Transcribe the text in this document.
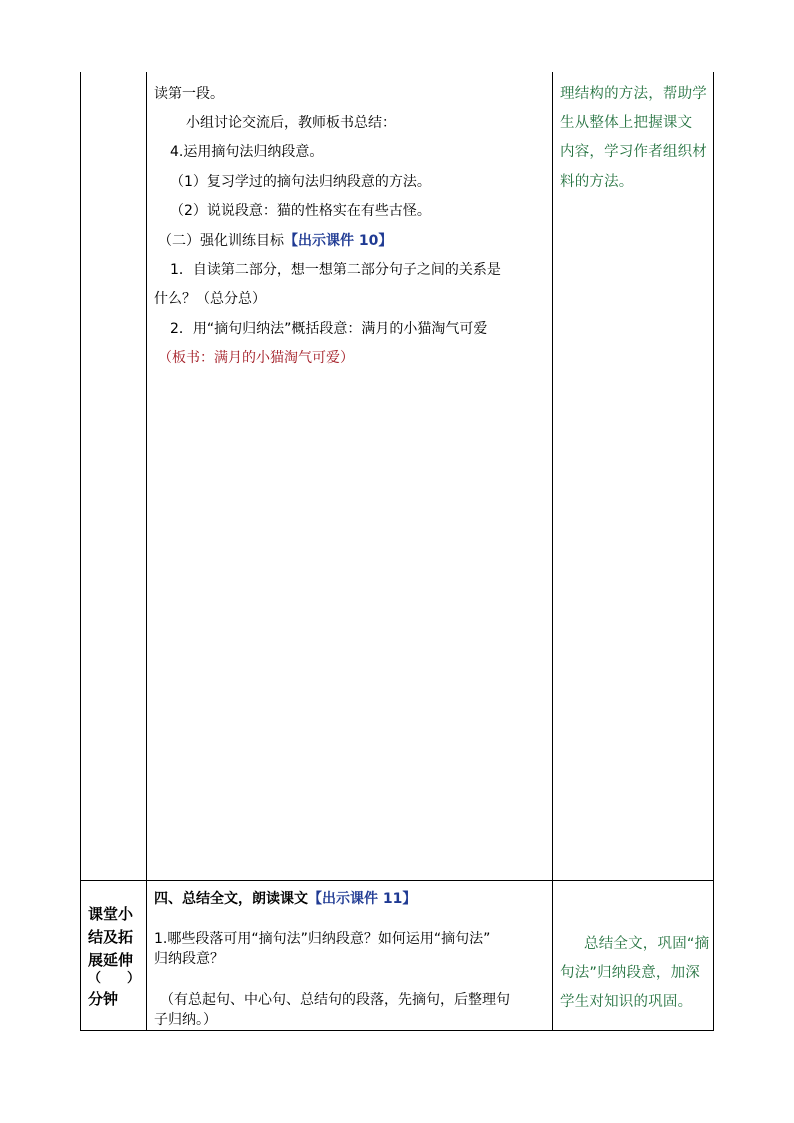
读第一段。
小组讨论交流后，教师板书总结：
4.运用摘句法归纳段意。
（1）复习学过的摘句法归纳段意的方法。
（2）说说段意：猫的性格实在有些古怪。
（二）强化训练目标【出示课件 10】
1．自读第二部分，想一想第二部分句子之间的关系是
什么？（总分总）
2．用“摘句归纳法”概括段意：满月的小猫淘气可爱
（板书：满月的小猫淘气可爱）
理结构的方法，帮助学
生从整体上把握课文
内容，学习作者组织材
料的方法。
课堂小
结及拓
展延伸
（　　）
分钟
四、总结全文，朗读课文【出示课件 11】
1.哪些段落可用“摘句法”归纳段意？如何运用“摘句法”
归纳段意？
（有总起句、中心句、总结句的段落，先摘句，后整理句
子归纳。）
总结全文，巩固“摘
句法”归纳段意，加深
学生对知识的巩固。
